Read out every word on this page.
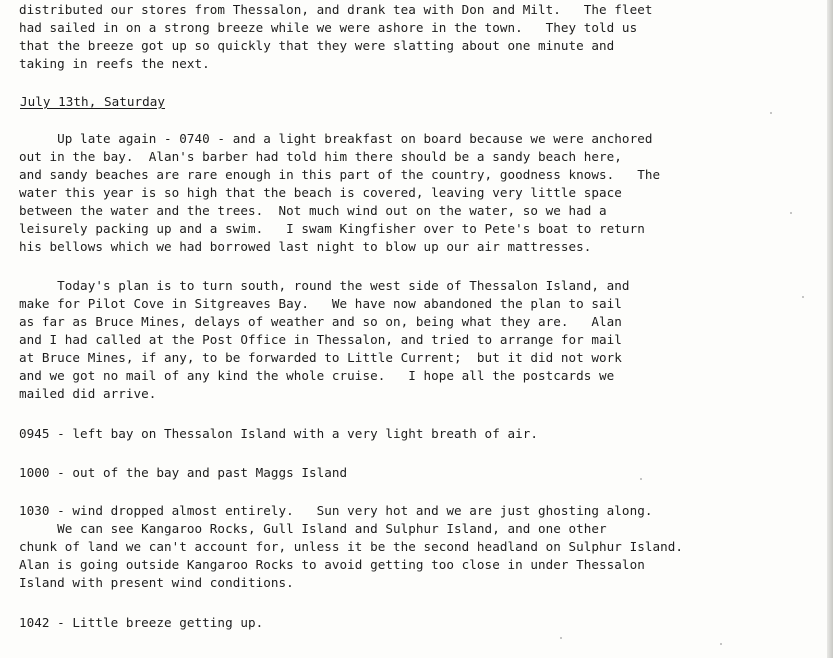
distributed our stores from Thessalon, and drank tea with Don and Milt.   The fleet
had sailed in on a strong breeze while we were ashore in the town.   They told us
that the breeze got up so quickly that they were slatting about one minute and
taking in reefs the next.
July 13th, Saturday
Up late again - 0740 - and a light breakfast on board because we were anchored
out in the bay.  Alan's barber had told him there should be a sandy beach here,
and sandy beaches are rare enough in this part of the country, goodness knows.   The
water this year is so high that the beach is covered, leaving very little space
between the water and the trees.  Not much wind out on the water, so we had a
leisurely packing up and a swim.   I swam Kingfisher over to Pete's boat to return
his bellows which we had borrowed last night to blow up our air mattresses.
Today's plan is to turn south, round the west side of Thessalon Island, and
make for Pilot Cove in Sitgreaves Bay.   We have now abandoned the plan to sail
as far as Bruce Mines, delays of weather and so on, being what they are.   Alan
and I had called at the Post Office in Thessalon, and tried to arrange for mail
at Bruce Mines, if any, to be forwarded to Little Current;  but it did not work
and we got no mail of any kind the whole cruise.   I hope all the postcards we
mailed did arrive.
0945 - left bay on Thessalon Island with a very light breath of air.
1000 - out of the bay and past Maggs Island
1030 - wind dropped almost entirely.   Sun very hot and we are just ghosting along.
We can see Kangaroo Rocks, Gull Island and Sulphur Island, and one other
chunk of land we can't account for, unless it be the second headland on Sulphur Island.
Alan is going outside Kangaroo Rocks to avoid getting too close in under Thessalon
Island with present wind conditions.
1042 - Little breeze getting up.
